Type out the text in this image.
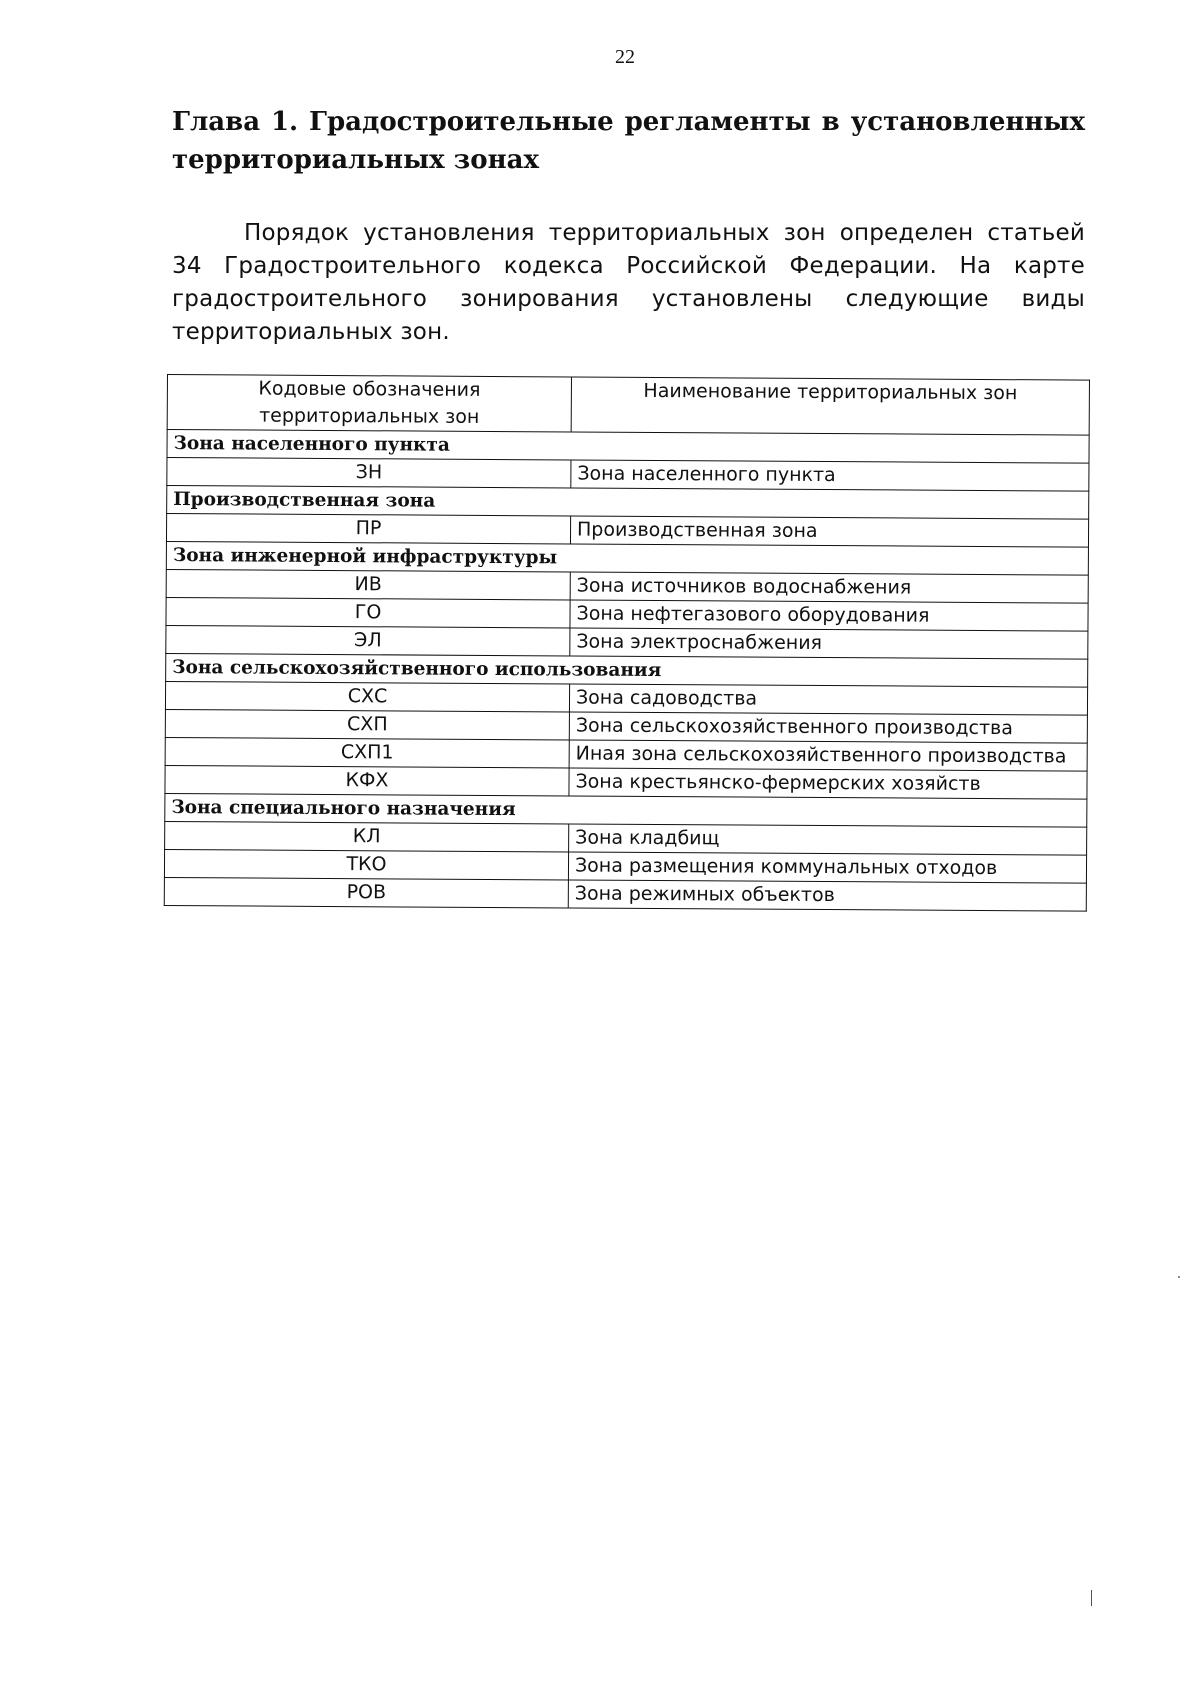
22
Глава 1. Градостроительные регламенты в установленных территориальных зонах

Порядок установления территориальных зон определен статьей 34 Градостроительного кодекса Российской Федерации. На карте градостроительного зонирования установлены следующие виды территориальных зон.

Кодовые обозначения территориальных зон	Наименование территориальных зон
Зона населенного пункта	
ЗН	Зона населенного пункта
Производственная зона	
ПР	Производственная зона
Зона инженерной инфраструктуры	
ИВ	Зона источников водоснабжения
ГО	Зона нефтегазового оборудования
ЭЛ	Зона электроснабжения
Зона сельскохозяйственного использования	
СХС	Зона садоводства
СХП	Зона сельскохозяйственного производства
СХП1	Иная зона сельскохозяйственного производства
КФХ	Зона крестьянско-фермерских хозяйств
Зона специального назначения	
КЛ	Зона кладбищ
ТКО	Зона размещения коммунальных отходов
РОВ	Зона режимных объектов
